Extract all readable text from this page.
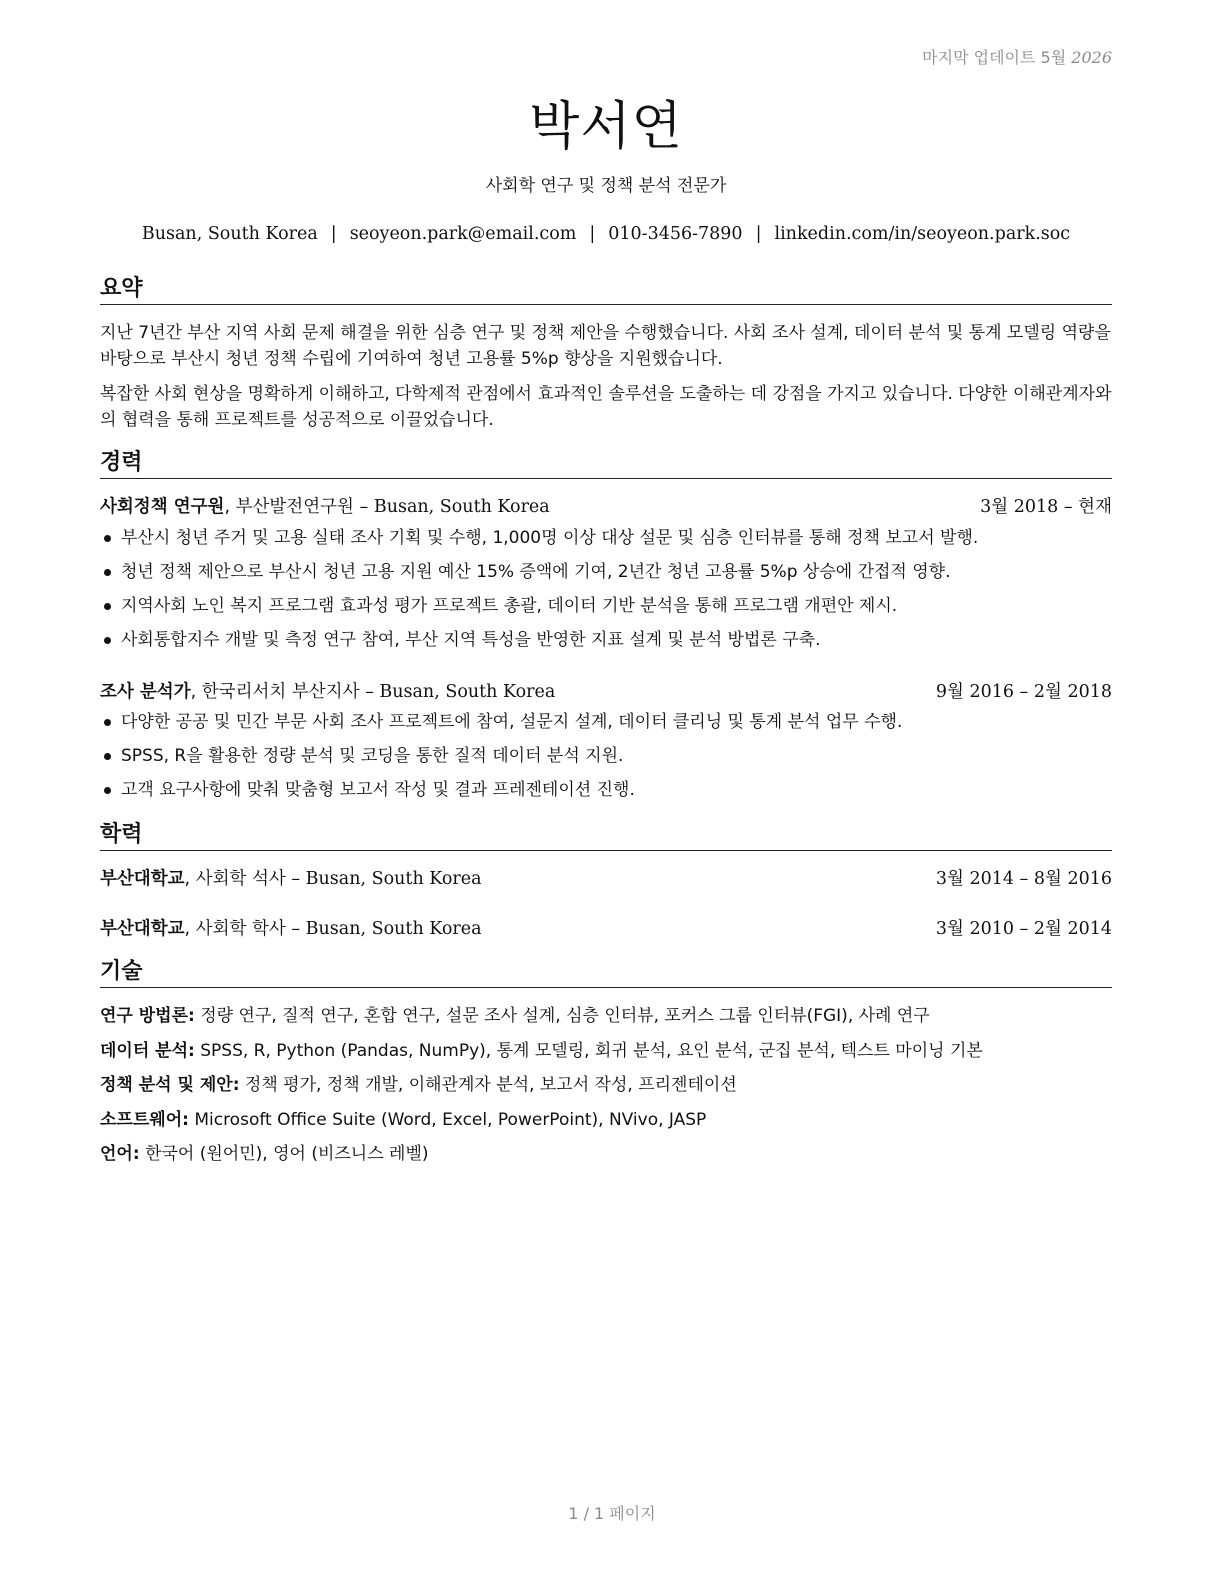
마지막 업데이트 5월 2026
박서연
사회학 연구 및 정책 분석 전문가
Busan, South Korea | seoyeon.park@email.com | 010-3456-7890 | linkedin.com/in/seoyeon.park.soc
요약

지난 7년간 부산 지역 사회 문제 해결을 위한 심층 연구 및 정책 제안을 수행했습니다. 사회 조사 설계, 데이터 분석 및 통계 모델링 역량을 바탕으로 부산시 청년 정책 수립에 기여하여 청년 고용률 5%p 향상을 지원했습니다.

복잡한 사회 현상을 명확하게 이해하고, 다학제적 관점에서 효과적인 솔루션을 도출하는 데 강점을 가지고 있습니다. 다양한 이해관계자와의 협력을 통해 프로젝트를 성공적으로 이끌었습니다.

경력
사회정책 연구원, 부산발전연구원 – Busan, South Korea	3월 2018 – 현재
부산시 청년 주거 및 고용 실태 조사 기획 및 수행, 1,000명 이상 대상 설문 및 심층 인터뷰를 통해 정책 보고서 발행.
청년 정책 제안으로 부산시 청년 고용 지원 예산 15% 증액에 기여, 2년간 청년 고용률 5%p 상승에 간접적 영향.
지역사회 노인 복지 프로그램 효과성 평가 프로젝트 총괄, 데이터 기반 분석을 통해 프로그램 개편안 제시.
사회통합지수 개발 및 측정 연구 참여, 부산 지역 특성을 반영한 지표 설계 및 분석 방법론 구축.
조사 분석가, 한국리서치 부산지사 – Busan, South Korea	9월 2016 – 2월 2018
다양한 공공 및 민간 부문 사회 조사 프로젝트에 참여, 설문지 설계, 데이터 클리닝 및 통계 분석 업무 수행.
SPSS, R을 활용한 정량 분석 및 코딩을 통한 질적 데이터 분석 지원.
고객 요구사항에 맞춰 맞춤형 보고서 작성 및 결과 프레젠테이션 진행.
학력
부산대학교, 사회학 석사 – Busan, South Korea	3월 2014 – 8월 2016
부산대학교, 사회학 학사 – Busan, South Korea	3월 2010 – 2월 2014
기술
연구 방법론: 정량 연구, 질적 연구, 혼합 연구, 설문 조사 설계, 심층 인터뷰, 포커스 그룹 인터뷰(FGI), 사례 연구
데이터 분석: SPSS, R, Python (Pandas, NumPy), 통계 모델링, 회귀 분석, 요인 분석, 군집 분석, 텍스트 마이닝 기본
정책 분석 및 제안: 정책 평가, 정책 개발, 이해관계자 분석, 보고서 작성, 프리젠테이션
소프트웨어: Microsoft Office Suite (Word, Excel, PowerPoint), NVivo, JASP
언어: 한국어 (원어민), 영어 (비즈니스 레벨)
1 / 1 페이지
